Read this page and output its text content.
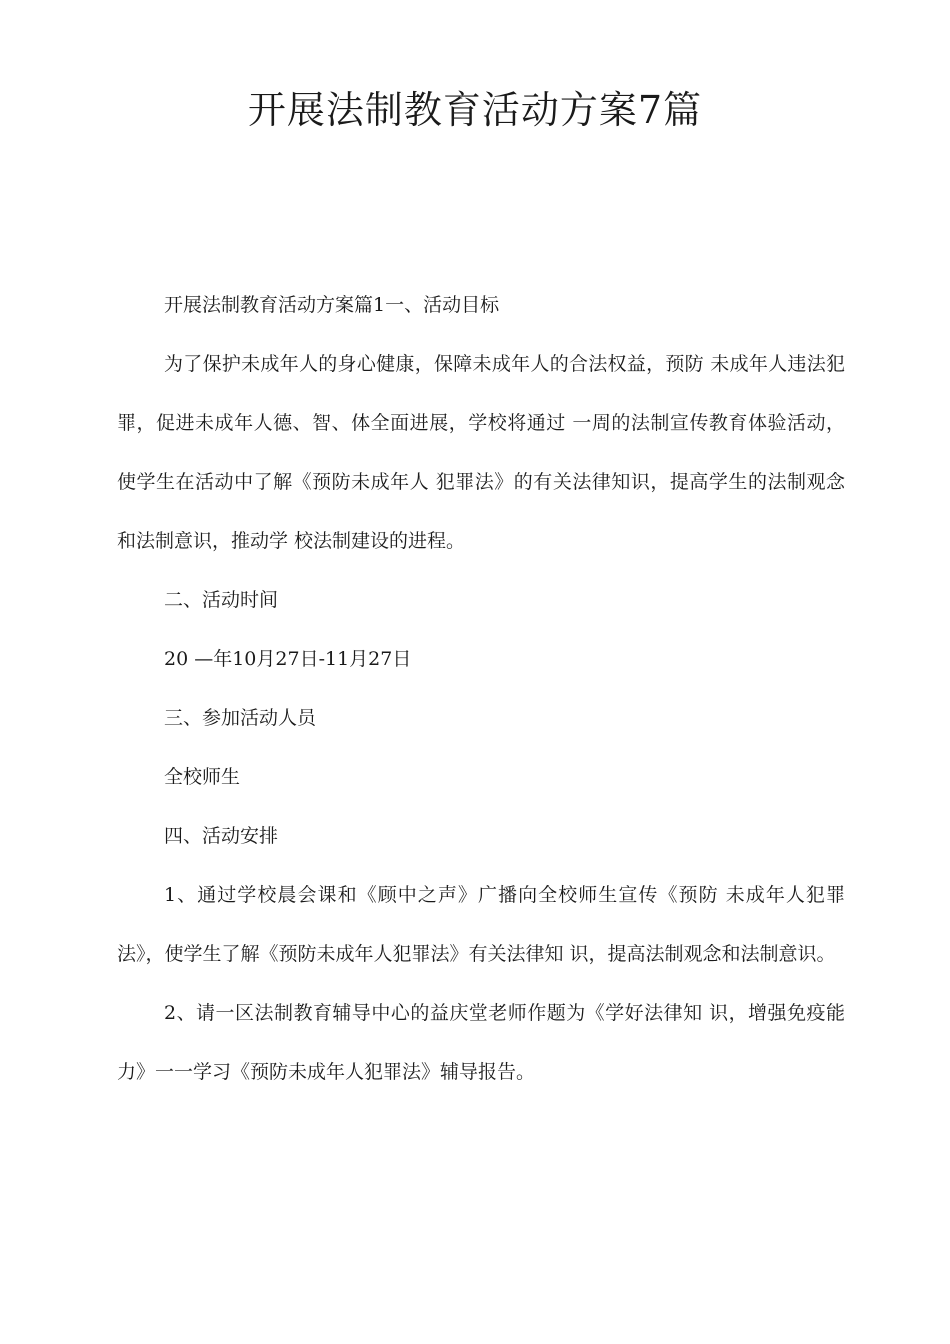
开展法制教育活动方案7篇

开展法制教育活动方案篇1一、活动目标

为了保护未成年人的身心健康，保障未成年人的合法权益，预防 未成年人违法犯罪，促进未成年人德、智、体全面进展，学校将通过 一周的法制宣传教育体验活动，使学生在活动中了解《预防未成年人 犯罪法》的有关法律知识，提高学生的法制观念和法制意识，推动学 校法制建设的进程。

二、活动时间

20 —年10月27日-11月27日

三、参加活动人员

全校师生

四、活动安排

1、通过学校晨会课和《顾中之声》广播向全校师生宣传《预防 未成年人犯罪法》，使学生了解《预防未成年人犯罪法》有关法律知 识，提高法制观念和法制意识。

2、请一区法制教育辅导中心的益庆堂老师作题为《学好法律知 识，增强免疫能力》一一学习《预防未成年人犯罪法》辅导报告。
